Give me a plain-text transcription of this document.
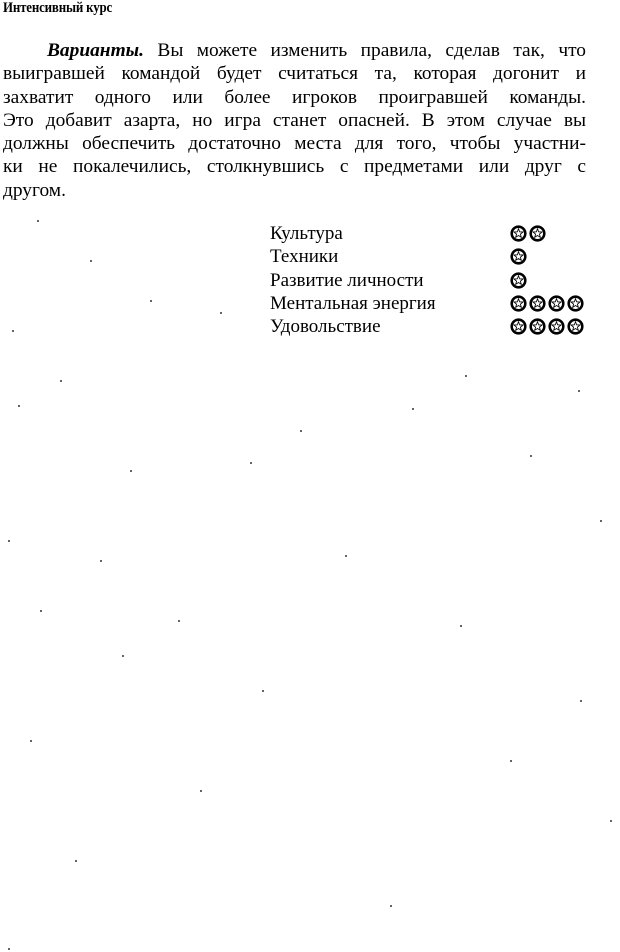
Интенсивный курс
Варианты. Вы можете изменить правила, сделав так, что
выигравшей командой будет считаться та, которая догонит и
захватит одного или более игроков проигравшей команды.
Это добавит азарта, но игра станет опасней. В этом случае вы
должны обеспечить достаточно места для того, чтобы участни-
ки не покалечились, столкнувшись с предметами или друг с
другом.
Культура
Техники
Развитие личности
Ментальная энергия
Удовольствие
